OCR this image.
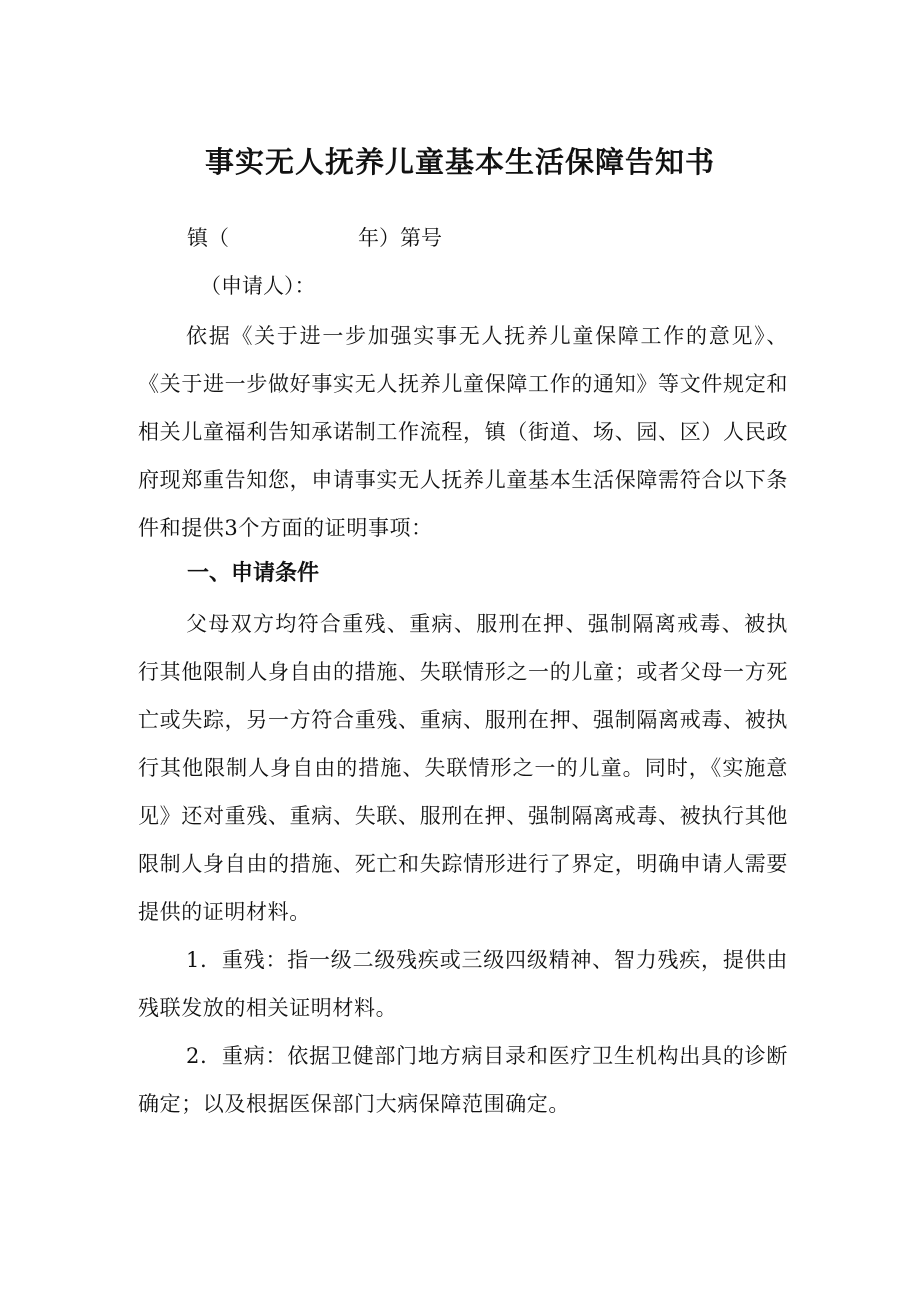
事实无人抚养儿童基本生活保障告知书
镇（	年）第号
（申请人）：

依据《关于进一步加强实事无人抚养儿童保障工作的意见》、《关于进一步做好事实无人抚养儿童保障工作的通知》等文件规定和相关儿童福利告知承诺制工作流程，镇（街道、场、园、区）人民政府现郑重告知您，申请事实无人抚养儿童基本生活保障需符合以下条件和提供3个方面的证明事项：

一、申请条件

父母双方均符合重残、重病、服刑在押、强制隔离戒毒、被执行其他限制人身自由的措施、失联情形之一的儿童；或者父母一方死亡或失踪，另一方符合重残、重病、服刑在押、强制隔离戒毒、被执行其他限制人身自由的措施、失联情形之一的儿童。同时，《实施意见》还对重残、重病、失联、服刑在押、强制隔离戒毒、被执行其他限制人身自由的措施、死亡和失踪情形进行了界定，明确申请人需要提供的证明材料。

1．重残：指一级二级残疾或三级四级精神、智力残疾，提供由残联发放的相关证明材料。

2．重病：依据卫健部门地方病目录和医疗卫生机构出具的诊断确定；以及根据医保部门大病保障范围确定。
